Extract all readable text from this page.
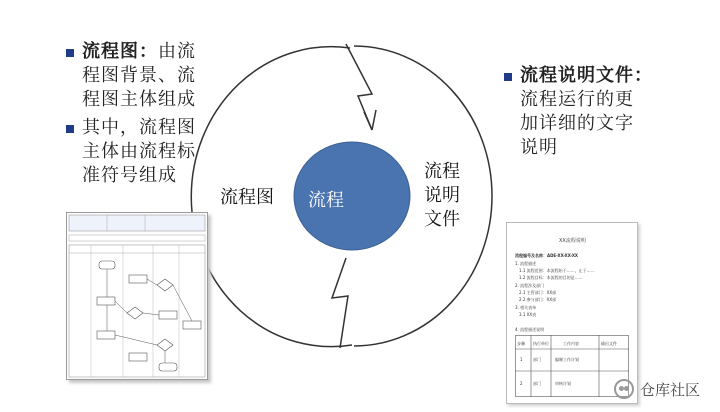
流程图：由流
程图背景、流
程图主体组成
其中，流程图
主体由流程标
准符号组成
流程说明文件：
流程运行的更
加详细的文字
说明
流程
流程图
流程
说明
文件
XX流程说明
流程编号及名称：ADE-XX-XX-XX
1. 流程描述
1.1 流程范围：本流程始于……，止于……
1.2 流程目标：本流程的目的是……
2. 流程涉及部门
2.1 主管部门：XX部
2.2 参与部门：XX部
3. 相关表单
3.1 XX表
4. 流程描述说明
步骤 执行单位	工作内容	输出文件
1	部门	编制工作计划
2	部门	审核计划	仓库社区
